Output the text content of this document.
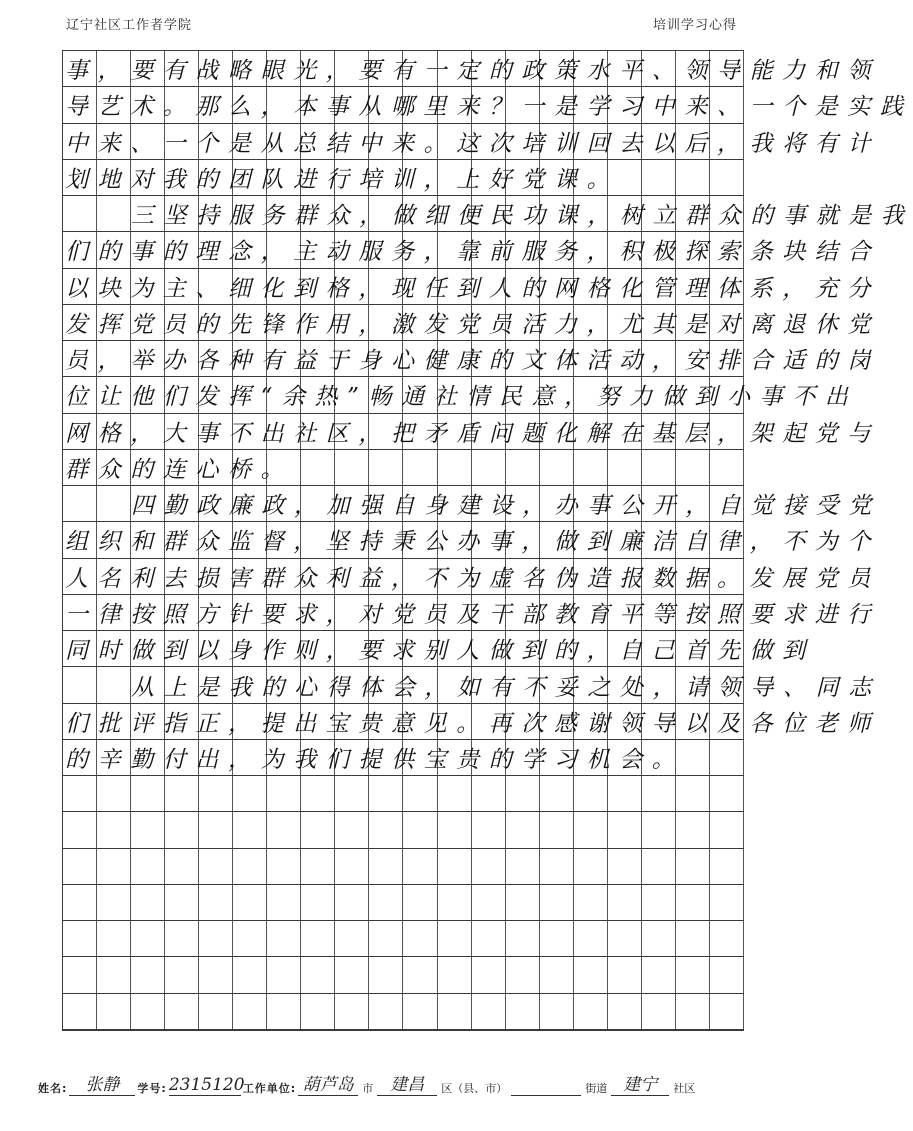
辽宁社区工作者学院	培训学习心得
事，要有战略眼光，要有一定的政策水平、领导能力和领
导艺术。那么，本事从哪里来？一是学习中来、一个是实践
中来、一个是从总结中来。这次培训回去以后，我将有计
划地对我的团队进行培训，上好党课。
三坚持服务群众，做细便民功课，树立群众的事就是我
们的事的理念，主动服务，靠前服务，积极探索条块结合
以块为主、细化到格，现任到人的网格化管理体系，充分
发挥党员的先锋作用，激发党员活力，尤其是对离退休党
员，举办各种有益于身心健康的文体活动，安排合适的岗
位让他们发挥“余热”畅通社情民意，努力做到小事不出
网格，大事不出社区，把矛盾问题化解在基层，架起党与
群众的连心桥。
四勤政廉政，加强自身建设，办事公开，自觉接受党
组织和群众监督，坚持秉公办事，做到廉洁自律，不为个
人名利去损害群众利益，不为虚名伪造报数据。发展党员
一律按照方针要求，对党员及干部教育平等按照要求进行
同时做到以身作则，要求别人做到的，自己首先做到
从上是我的心得体会，如有不妥之处，请领导、同志
们批评指正，提出宝贵意见。再次感谢领导以及各位老师
的辛勤付出，为我们提供宝贵的学习机会。
姓名:	张静	学号: 2315120
工作单位: 葫芦岛 市	建昌	区（县、市）	街道 建宁	社区
